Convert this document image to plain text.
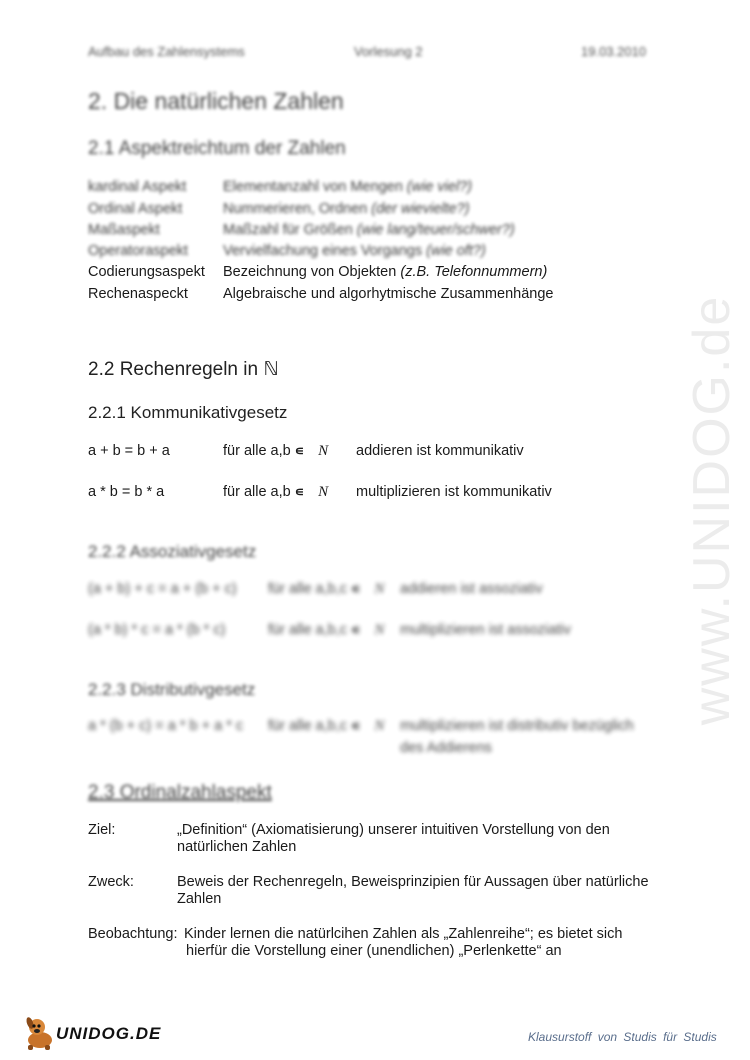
Aufbau des Zahlensystems	Vorlesung 2	19.03.2010
2. Die natürlichen Zahlen
2.1 Aspektreichtum der Zahlen
kardinal Aspekt	Elementanzahl von Mengen (wie viel?)
Ordinal Aspekt	Nummerieren, Ordnen (der wievielte?)
Maßaspekt	Maßzahl für Größen (wie lang/teuer/schwer?)
Operatoraspekt Vervielfachung eines Vorgangs (wie oft?)
Codierungsaspekt Bezeichnung von Objekten (z.B. Telefonnummern)
Rechenaspeckt Algebraische und algorhytmische Zusammenhänge
2.2 Rechenregeln in ℕ
2.2.1 Kommunikativgesetz
a + b = b + a	für alle a,b ∊ N addieren ist kommunikativ
a * b = b * a	für alle a,b ∊ N multiplizieren ist kommunikativ
2.2.2 Assoziativgesetz
(a + b) + c = a + (b + c) für alle a,b,c ∊ N addieren ist assoziativ
(a * b) * c = a * (b * c)	für alle a,b,c ∊ N multiplizieren ist assoziativ
2.2.3 Distributivgesetz
a * (b + c) = a * b + a * c für alle a,b,c ∊ N multiplizieren ist distributiv bezüglich
des Addierens
2.3 Ordinalzahlaspekt
Ziel:	„Definition“ (Axiomatisierung) unserer intuitiven Vorstellung von den natürlichen Zahlen
Zweck:	Beweis der Rechenregeln, Beweisprinzipien für Aussagen über natürliche Zahlen
Beobachtung: Kinder lernen die natürlcihen Zahlen als „Zahlenreihe“; es bietet sich hierfür die Vorstellung einer (unendlichen) „Perlenkette“ an
www.UNIDOG.de
UNIDOG.DE	Klausurstoff von Studis für Studis
